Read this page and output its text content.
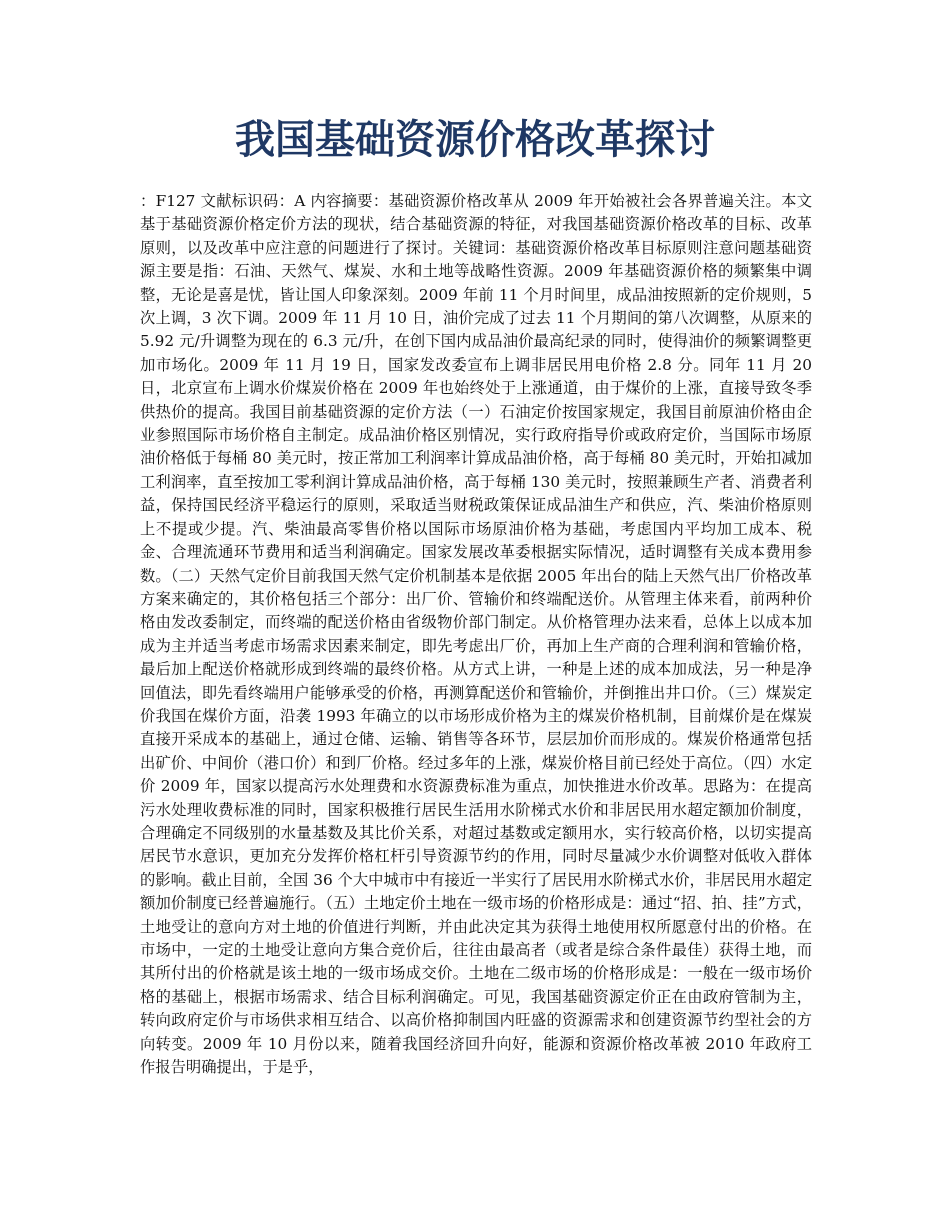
我国基础资源价格改革探讨

：F127 文献标识码：A 内容摘要：基础资源价格改革从 2009 年开始被社会各界普遍关注。本文基于基础资源价格定价方法的现状，结合基础资源的特征，对我国基础资源价格改革的目标、改革原则，以及改革中应注意的问题进行了探讨。关键词：基础资源价格改革目标原则注意问题基础资源主要是指：石油、天然气、煤炭、水和土地等战略性资源。2009 年基础资源价格的频繁集中调整，无论是喜是忧，皆让国人印象深刻。2009 年前 11 个月时间里，成品油按照新的定价规则，5 次上调，3 次下调。2009 年 11 月 10 日，油价完成了过去 11 个月期间的第八次调整，从原来的 5.92 元/升调整为现在的 6.3 元/升，在创下国内成品油价最高纪录的同时，使得油价的频繁调整更加市场化。2009 年 11 月 19 日，国家发改委宣布上调非居民用电价格 2.8 分。同年 11 月 20 日，北京宣布上调水价煤炭价格在 2009 年也始终处于上涨通道，由于煤价的上涨，直接导致冬季供热价的提高。我国目前基础资源的定价方法（一）石油定价按国家规定，我国目前原油价格由企业参照国际市场价格自主制定。成品油价格区别情况，实行政府指导价或政府定价，当国际市场原油价格低于每桶 80 美元时，按正常加工利润率计算成品油价格，高于每桶 80 美元时，开始扣减加工利润率，直至按加工零利润计算成品油价格，高于每桶 130 美元时，按照兼顾生产者、消费者利益，保持国民经济平稳运行的原则，采取适当财税政策保证成品油生产和供应，汽、柴油价格原则上不提或少提。汽、柴油最高零售价格以国际市场原油价格为基础，考虑国内平均加工成本、税金、合理流通环节费用和适当利润确定。国家发展改革委根据实际情况，适时调整有关成本费用参数。（二）天然气定价目前我国天然气定价机制基本是依据 2005 年出台的陆上天然气出厂价格改革方案来确定的，其价格包括三个部分：出厂价、管输价和终端配送价。从管理主体来看，前两种价格由发改委制定，而终端的配送价格由省级物价部门制定。从价格管理办法来看，总体上以成本加成为主并适当考虑市场需求因素来制定，即先考虑出厂价，再加上生产商的合理利润和管输价格，最后加上配送价格就形成到终端的最终价格。从方式上讲，一种是上述的成本加成法，另一种是净回值法，即先看终端用户能够承受的价格，再测算配送价和管输价，并倒推出井口价。（三）煤炭定价我国在煤价方面，沿袭 1993 年确立的以市场形成价格为主的煤炭价格机制，目前煤价是在煤炭直接开采成本的基础上，通过仓储、运输、销售等各环节，层层加价而形成的。煤炭价格通常包括出矿价、中间价（港口价）和到厂价格。经过多年的上涨，煤炭价格目前已经处于高位。（四）水定价 2009 年，国家以提高污水处理费和水资源费标准为重点，加快推进水价改革。思路为：在提高污水处理收费标准的同时，国家积极推行居民生活用水阶梯式水价和非居民用水超定额加价制度，合理确定不同级别的水量基数及其比价关系，对超过基数或定额用水，实行较高价格，以切实提高居民节水意识，更加充分发挥价格杠杆引导资源节约的作用，同时尽量减少水价调整对低收入群体的影响。截止目前，全国 36 个大中城市中有接近一半实行了居民用水阶梯式水价，非居民用水超定额加价制度已经普遍施行。（五）土地定价土地在一级市场的价格形成是：通过“招、拍、挂”方式，土地受让的意向方对土地的价值进行判断，并由此决定其为获得土地使用权所愿意付出的价格。在市场中，一定的土地受让意向方集合竞价后，往往由最高者（或者是综合条件最佳）获得土地，而其所付出的价格就是该土地的一级市场成交价。土地在二级市场的价格形成是：一般在一级市场价格的基础上，根据市场需求、结合目标利润确定。可见，我国基础资源定价正在由政府管制为主，转向政府定价与市场供求相互结合、以高价格抑制国内旺盛的资源需求和创建资源节约型社会的方向转变。2009 年 10 月份以来，随着我国经济回升向好，能源和资源价格改革被 2010 年政府工作报告明确提出，于是乎，
